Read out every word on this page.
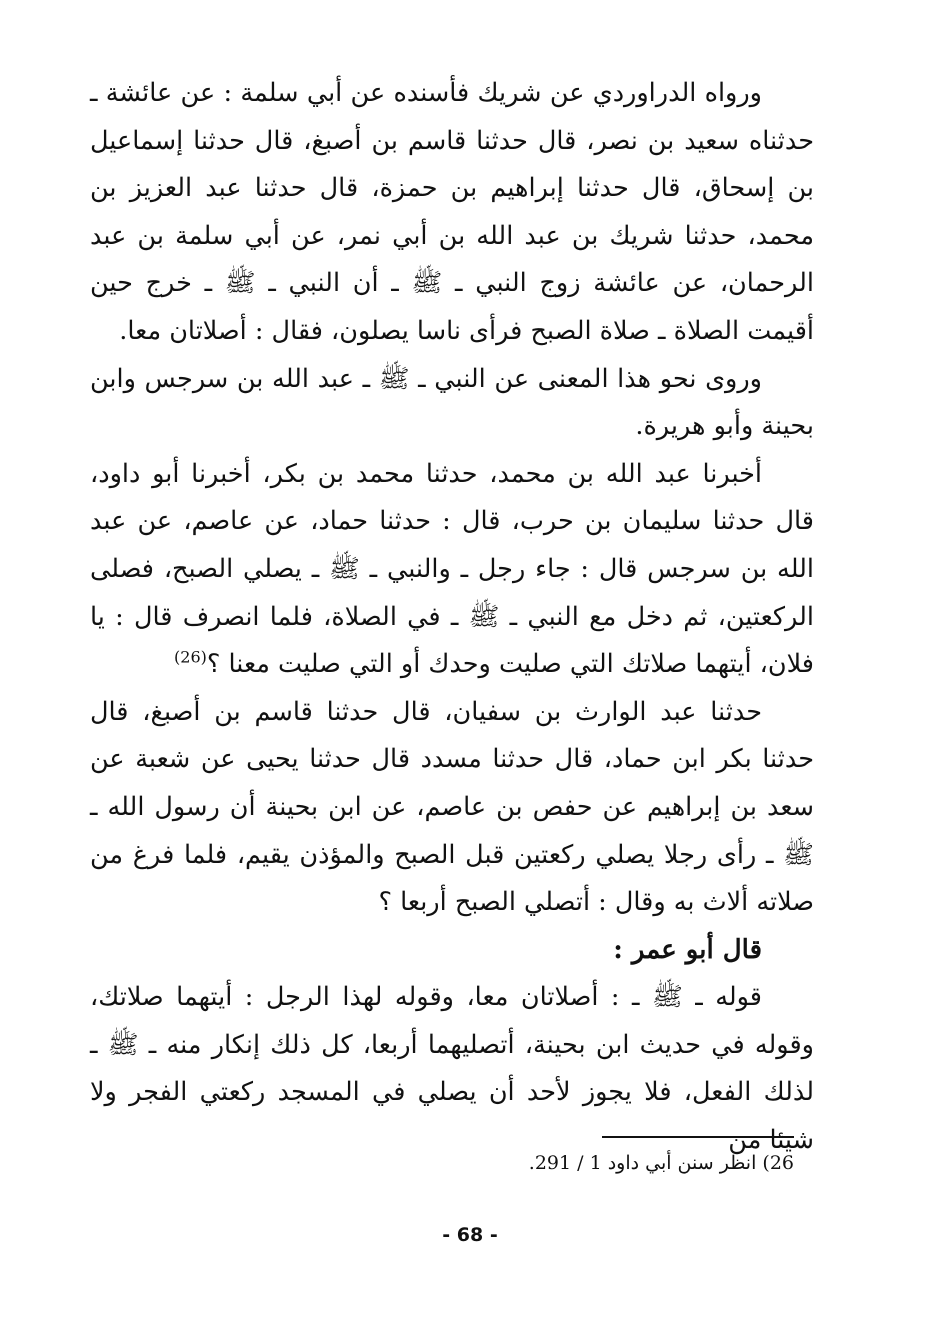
ورواه الدراوردي عن شريك فأسنده عن أبي سلمة : عن عائشة ـ حدثناه سعيد بن نصر، قال حدثنا قاسم بن أصبغ، قال حدثنا إسماعيل بن إسحاق، قال حدثنا إبراهيم بن حمزة، قال حدثنا عبد العزيز بن محمد، حدثنا شريك بن عبد الله بن أبي نمر، عن أبي سلمة بن عبد الرحمان، عن عائشة زوج النبي ـ ﷺ ـ أن النبي ـ ﷺ ـ خرج حين أقيمت الصلاة ـ صلاة الصبح فرأى ناسا يصلون، فقال : أصلاتان معا.

وروى نحو هذا المعنى عن النبي ـ ﷺ ـ عبد الله بن سرجس وابن بحينة وأبو هريرة.

أخبرنا عبد الله بن محمد، حدثنا محمد بن بكر، أخبرنا أبو داود، قال حدثنا سليمان بن حرب، قال : حدثنا حماد، عن عاصم، عن عبد الله بن سرجس قال : جاء رجل ـ والنبي ـ ﷺ ـ يصلي الصبح، فصلى الركعتين، ثم دخل مع النبي ـ ﷺ ـ في الصلاة، فلما انصرف قال : يا فلان، أيتهما صلاتك التي صليت وحدك أو التي صليت معنا ؟$^{(26)}$

حدثنا عبد الوارث بن سفيان، قال حدثنا قاسم بن أصبغ، قال حدثنا بكر ابن حماد، قال حدثنا مسدد قال حدثنا يحيى عن شعبة عن سعد بن إبراهيم عن حفص بن عاصم، عن ابن بحينة أن رسول الله ـ ﷺ ـ رأى رجلا يصلي ركعتين قبل الصبح والمؤذن يقيم، فلما فرغ من صلاته ألاث به وقال : أتصلي الصبح أربعا ؟

قال أبو عمر :

قوله ـ ﷺ ـ : أصلاتان معا، وقوله لهذا الرجل : أيتهما صلاتك، وقوله في حديث ابن بحينة، أتصليهما أربعا، كل ذلك إنكار منه ـ ﷺ ـ لذلك الفعل، فلا يجوز لأحد أن يصلي في المسجد ركعتي الفجر ولا شيئا من

26) انظر سنن أبي داود 1 / 291.
- 68 -
